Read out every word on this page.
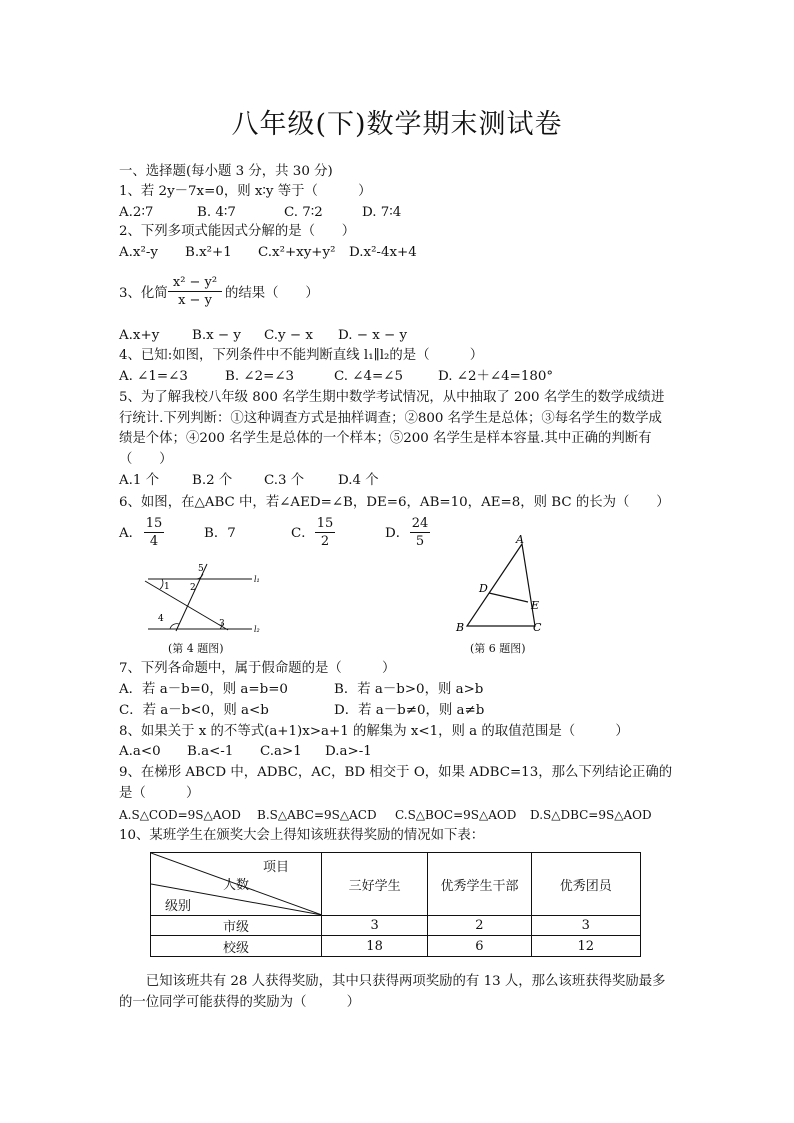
八年级(下)数学期末测试卷
一、选择题(每小题 3 分，共 30 分)
1、若 2y－7x=0，则 x∶y 等于（　　　）
A.2∶7	B. 4∶7	C. 7∶2	D. 7∶4
2、下列多项式能因式分解的是（　　）
A.x²-y B.x²+1 C.x²+xy+y² D.x²-4x+4
3、化简
x² − y²
x − y 的结果（　　）
A.x+y B.x − y C.y − x D. − x − y
4、已知:如图，下列条件中不能判断直线 l₁∥l₂的是（　　　）
A. ∠1=∠3	B. ∠2=∠3	C. ∠4=∠5	D. ∠2＋∠4=180°
5、为了解我校八年级 800 名学生期中数学考试情况，从中抽取了 200 名学生的数学成绩进
行统计.下列判断：①这种调查方式是抽样调查；②800 名学生是总体；③每名学生的数学成
绩是个体；④200 名学生是总体的一个样本；⑤200 名学生是样本容量.其中正确的判断有
（　　）
A.1 个 B.2 个 C.3 个	D.4 个
6、如图，在△ABC 中，若∠AED=∠B，DE=6，AB=10，AE=8，则 BC 的长为（　　）
A．
15
4
B．7	C．
15
2
D．
24
5
1 2
3
4
5
l₁
l₂
(第 4 题图)
A
B	C
D
E
(第 6 题图)
7、下列各命题中，属于假命题的是（　　　）
A．若 a－b=0，则 a=b=0	B．若 a－b>0，则 a>b
C．若 a－b<0，则 a<b	D．若 a－b≠0，则 a≠b
8、如果关于 x 的不等式(a+1)x>a+1 的解集为 x<1，则 a 的取值范围是（　　　）
A.a<0 B.a<-1 C.a>1 D.a>-1
9、在梯形 ABCD 中，ADBC，AC，BD 相交于 O，如果 ADBC=13，那么下列结论正确的
是（　　　）
A.S△COD=9S△AOD B.S△ABC=9S△ACD C.S△BOC=9S△AOD D.S△DBC=9S△AOD
10、某班学生在颁奖大会上得知该班获得奖励的情况如下表：
项目
人数
级别	三好学生	优秀学生干部	优秀团员
市级	3	2	3
校级	18	6	12
　　已知该班共有 28 人获得奖励，其中只获得两项奖励的有 13 人，那么该班获得奖励最多
的一位同学可能获得的奖励为（　　　）
